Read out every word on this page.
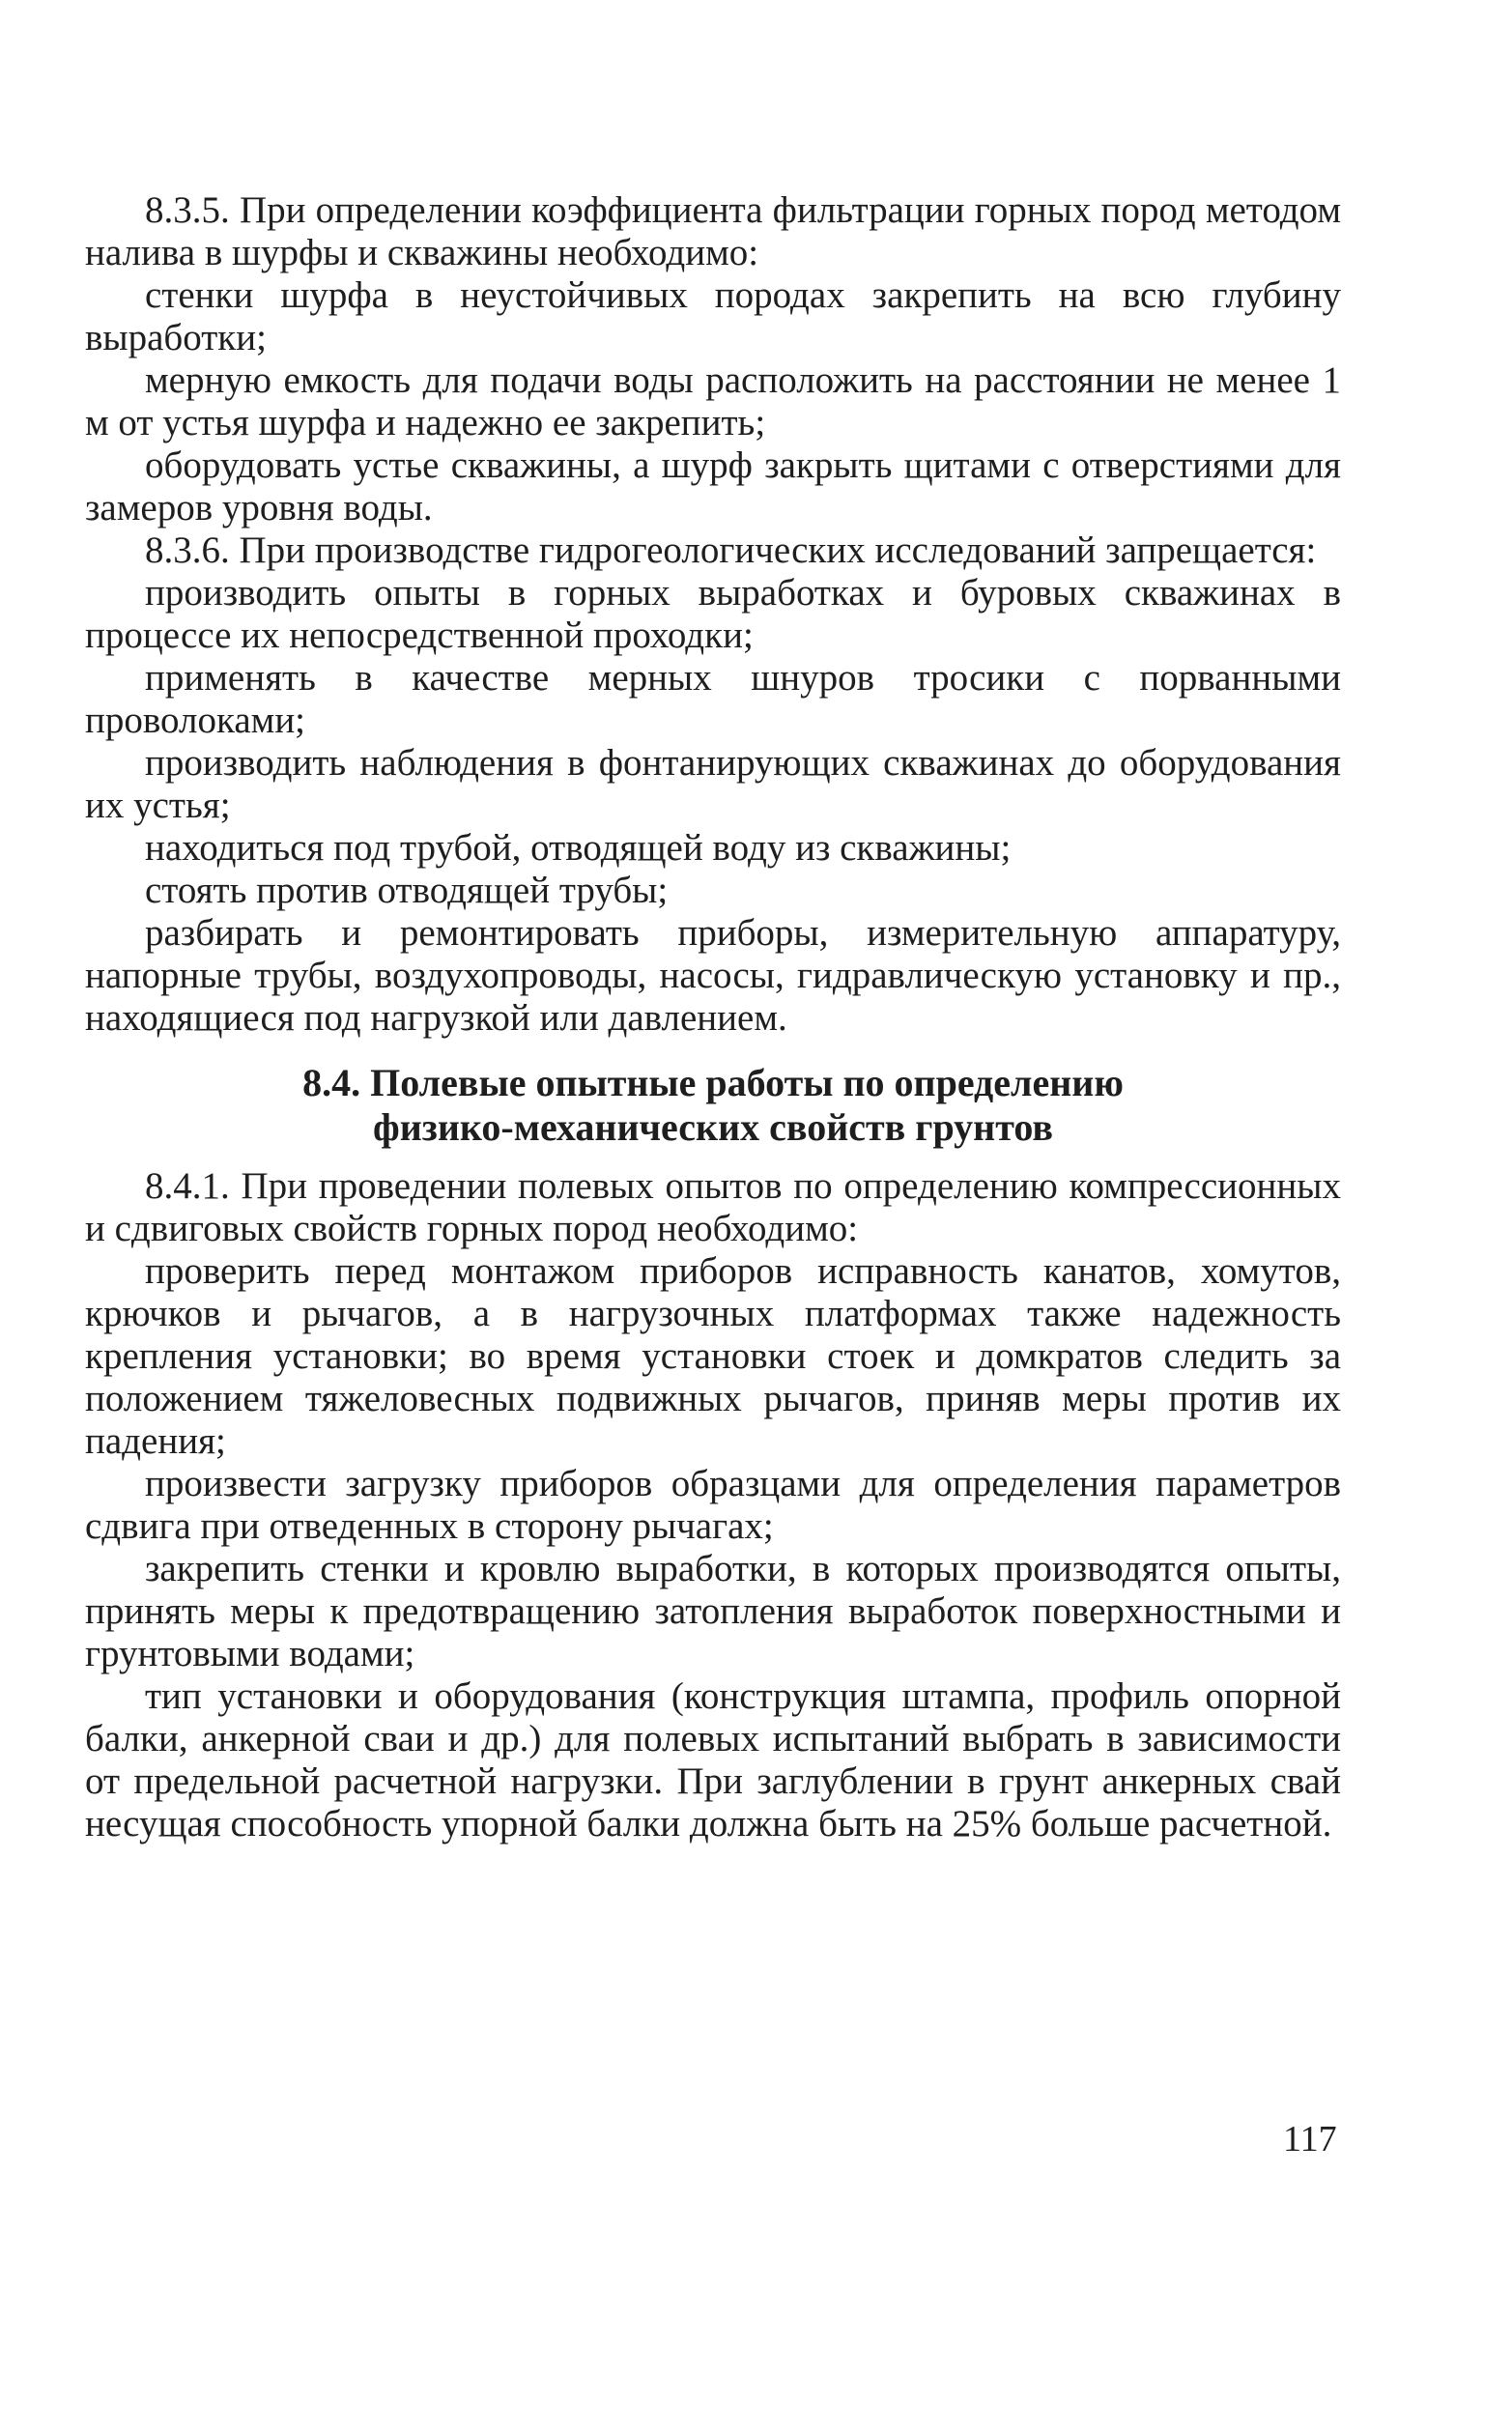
8.3.5. При определении коэффициента фильтрации горных пород методом налива в шурфы и скважины необходимо:

стенки шурфа в неустойчивых породах закрепить на всю глубину выработки;

мерную емкость для подачи воды расположить на расстоянии не менее 1 м от устья шурфа и надежно ее закрепить;

оборудовать устье скважины, а шурф закрыть щитами с отверстиями для замеров уровня воды.

8.3.6. При производстве гидрогеологических исследований запрещается:

производить опыты в горных выработках и буровых скважинах в процессе их непосредственной проходки;

применять в качестве мерных шнуров тросики с порванными проволоками;

производить наблюдения в фонтанирующих скважинах до оборудования их устья;

находиться под трубой, отводящей воду из скважины;

стоять против отводящей трубы;

разбирать и ремонтировать приборы, измерительную аппаратуру, напорные трубы, воздухопроводы, насосы, гидравлическую установку и пр., находящиеся под нагрузкой или давлением.

8.4. Полевые опытные работы по определению
физико-механических свойств грунтов

8.4.1. При проведении полевых опытов по определению компрессионных и сдвиговых свойств горных пород необходимо:

проверить перед монтажом приборов исправность канатов, хомутов, крючков и рычагов, а в нагрузочных платформах также надежность крепления установки; во время установки стоек и домкратов следить за положением тяжеловесных подвижных рычагов, приняв меры против их падения;

произвести загрузку приборов образцами для определения параметров сдвига при отведенных в сторону рычагах;

закрепить стенки и кровлю выработки, в которых производятся опыты, принять меры к предотвращению затопления выработок поверхностными и грунтовыми водами;

тип установки и оборудования (конструкция штампа, профиль опорной балки, анкерной сваи и др.) для полевых испытаний выбрать в зависимости от предельной расчетной нагрузки. При заглублении в грунт анкерных свай несущая способность упорной балки должна быть на 25% больше расчетной.

117
